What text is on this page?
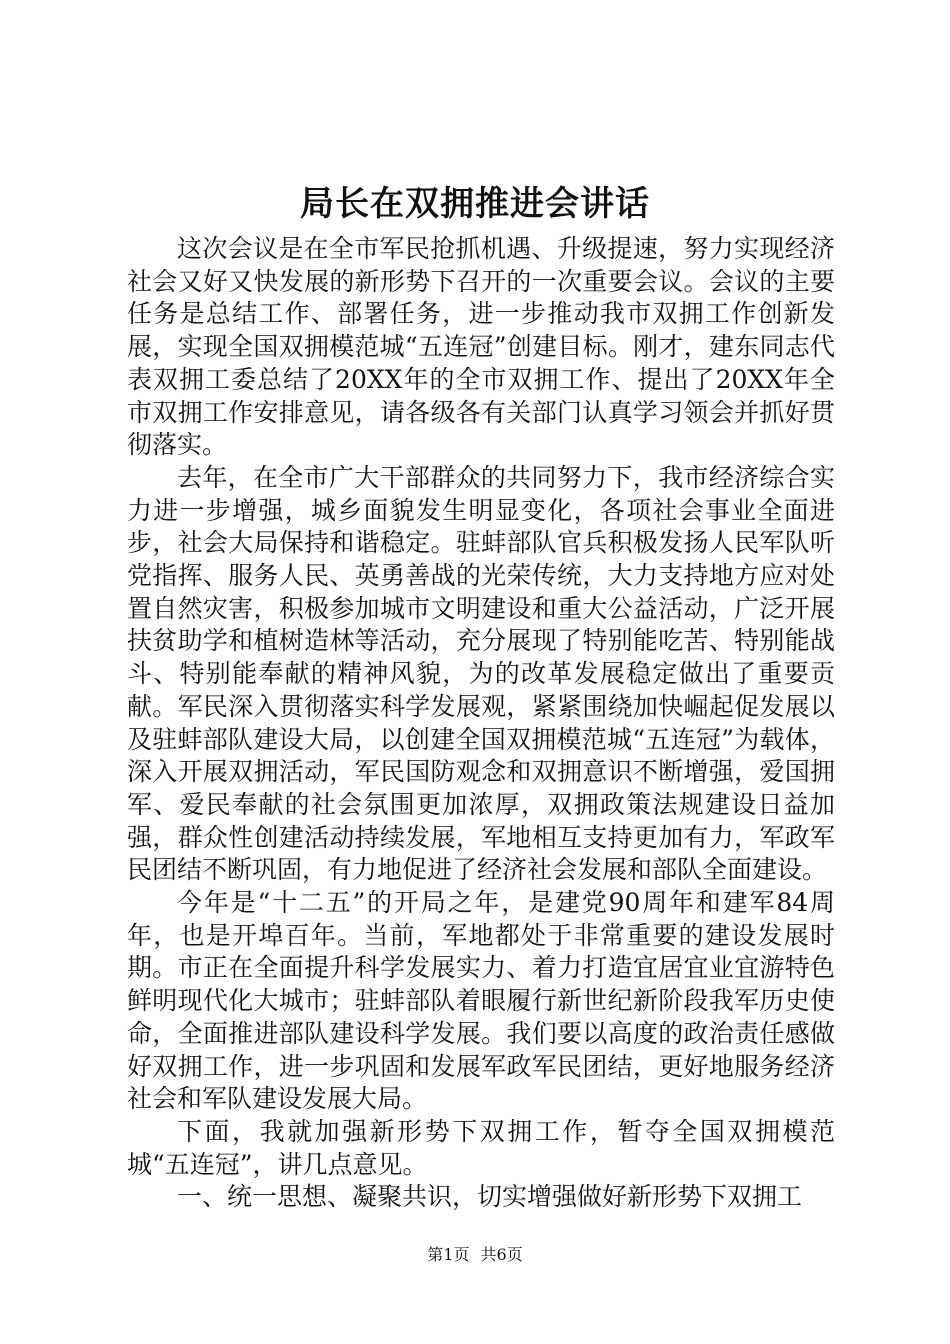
局长在双拥推进会讲话

这次会议是在全市军民抢抓机遇、升级提速，努力实现经济社会又好又快发展的新形势下召开的一次重要会议。会议的主要任务是总结工作、部署任务，进一步推动我市双拥工作创新发展，实现全国双拥模范城“五连冠”创建目标。刚才，建东同志代表双拥工委总结了20XX年的全市双拥工作、提出了20XX年全市双拥工作安排意见，请各级各有关部门认真学习领会并抓好贯彻落实。

去年，在全市广大干部群众的共同努力下，我市经济综合实力进一步增强，城乡面貌发生明显变化，各项社会事业全面进步，社会大局保持和谐稳定。驻蚌部队官兵积极发扬人民军队听党指挥、服务人民、英勇善战的光荣传统，大力支持地方应对处置自然灾害，积极参加城市文明建设和重大公益活动，广泛开展扶贫助学和植树造林等活动，充分展现了特别能吃苦、特别能战斗、特别能奉献的精神风貌，为的改革发展稳定做出了重要贡献。军民深入贯彻落实科学发展观，紧紧围绕加快崛起促发展以及驻蚌部队建设大局，以创建全国双拥模范城“五连冠”为载体，深入开展双拥活动，军民国防观念和双拥意识不断增强，爱国拥军、爱民奉献的社会氛围更加浓厚，双拥政策法规建设日益加强，群众性创建活动持续发展，军地相互支持更加有力，军政军民团结不断巩固，有力地促进了经济社会发展和部队全面建设。

今年是“十二五”的开局之年，是建党90周年和建军84周年，也是开埠百年。当前，军地都处于非常重要的建设发展时期。市正在全面提升科学发展实力、着力打造宜居宜业宜游特色鲜明现代化大城市；驻蚌部队着眼履行新世纪新阶段我军历史使命，全面推进部队建设科学发展。我们要以高度的政治责任感做好双拥工作，进一步巩固和发展军政军民团结，更好地服务经济社会和军队建设发展大局。

下面，我就加强新形势下双拥工作，暂夺全国双拥模范城“五连冠”，讲几点意见。

一、统一思想、凝聚共识，切实增强做好新形势下双拥工

第1页 共6页
